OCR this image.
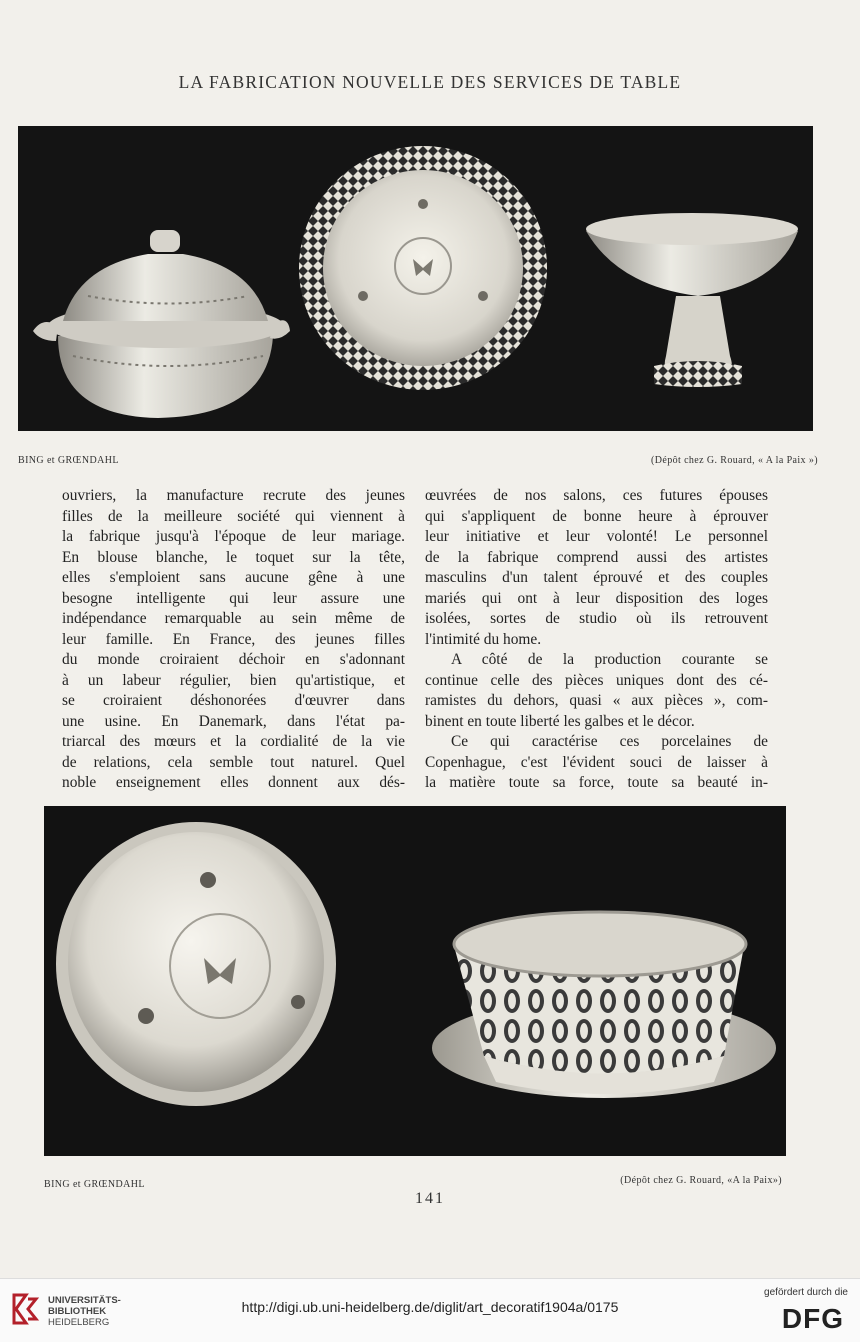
LA FABRICATION NOUVELLE DES SERVICES DE TABLE
BING et GRŒNDAHL	(Dépôt chez G. Rouard, « A la Paix »)
ouvriers, la manufacture recrute des jeunes
filles de la meilleure société qui viennent à
la fabrique jusqu'à l'époque de leur mariage.
En blouse blanche, le toquet sur la tête,
elles s'emploient sans aucune gêne à une
besogne intelligente qui leur assure une
indépendance remarquable au sein même de
leur famille. En France, des jeunes filles
du monde croiraient déchoir en s'adonnant
à un labeur régulier, bien qu'artistique, et
se croiraient déshonorées d'œuvrer dans
une usine. En Danemark, dans l'état pa-
triarcal des mœurs et la cordialité de la vie
de relations, cela semble tout naturel. Quel
noble enseignement elles donnent aux dés-
œuvrées de nos salons, ces futures épouses
qui s'appliquent de bonne heure à éprouver
leur initiative et leur volonté! Le personnel
de la fabrique comprend aussi des artistes
masculins d'un talent éprouvé et des couples
mariés qui ont à leur disposition des loges
isolées, sortes de studio où ils retrouvent
l'intimité du home.
A côté de la production courante se
continue celle des pièces uniques dont des cé-
ramistes du dehors, quasi « aux pièces », com-
binent en toute liberté les galbes et le décor.
Ce qui caractérise ces porcelaines de
Copenhague, c'est l'évident souci de laisser à
la matière toute sa force, toute sa beauté in-
BING et GRŒNDAHL	(Dépôt chez G. Rouard, «A la Paix»)
141
UNIVERSITÄTS-
BIBLIOTHEK
HEIDELBERG
http://digi.ub.uni-heidelberg.de/diglit/art_decoratif1904a/0175
gefördert durch die
DFG
